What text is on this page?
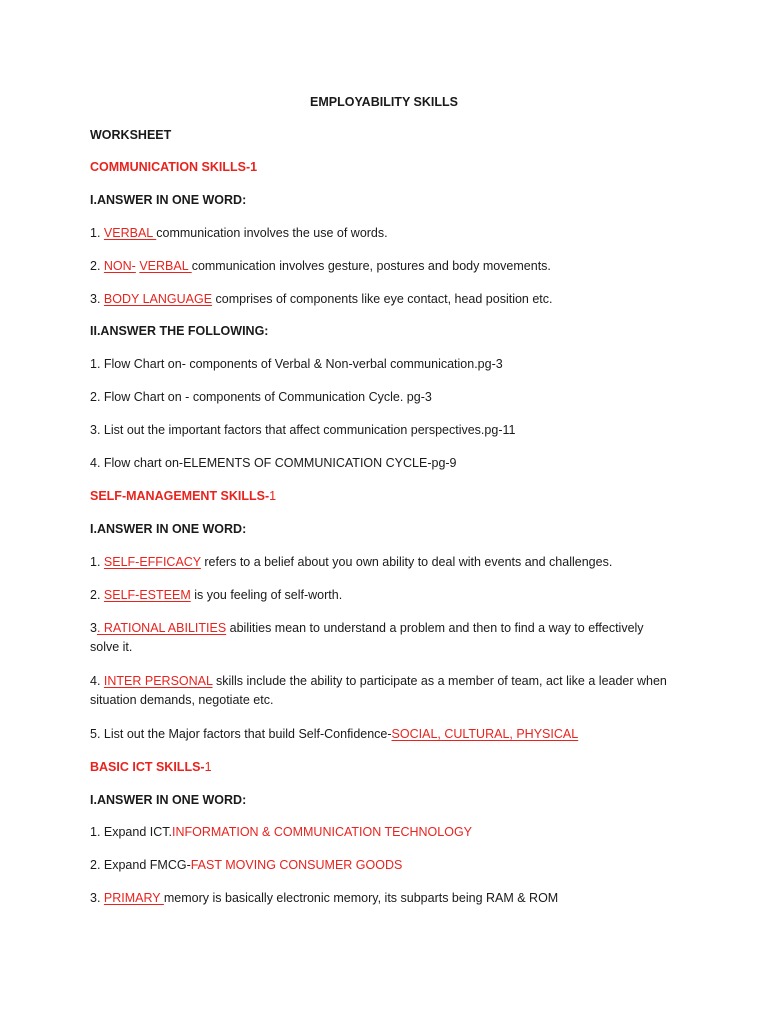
EMPLOYABILITY SKILLS
WORKSHEET
COMMUNICATION SKILLS-1
I.ANSWER IN ONE WORD:
1. VERBAL communication involves the use of words.
2. NON- VERBAL communication involves gesture, postures and body movements.
3. BODY LANGUAGE comprises of components like eye contact, head position etc.
II.ANSWER THE FOLLOWING:
1. Flow Chart on- components of Verbal & Non-verbal communication.pg-3
2. Flow Chart on - components of Communication Cycle. pg-3
3. List out the important factors that affect communication perspectives.pg-11
4. Flow chart on-ELEMENTS OF COMMUNICATION CYCLE-pg-9
SELF-MANAGEMENT SKILLS-1
I.ANSWER IN ONE WORD:
1. SELF-EFFICACY refers to a belief about you own ability to deal with events and challenges.
2. SELF-ESTEEM is you feeling of self-worth.
3. RATIONAL ABILITIES abilities mean to understand a problem and then to find a way to effectively solve it.
4. INTER PERSONAL skills include the ability to participate as a member of team, act like a leader when situation demands, negotiate etc.
5. List out the Major factors that build Self-Confidence-SOCIAL, CULTURAL, PHYSICAL
BASIC ICT SKILLS-1
I.ANSWER IN ONE WORD:
1. Expand ICT.INFORMATION & COMMUNICATION TECHNOLOGY
2. Expand FMCG-FAST MOVING CONSUMER GOODS
3. PRIMARY memory is basically electronic memory, its subparts being RAM & ROM
